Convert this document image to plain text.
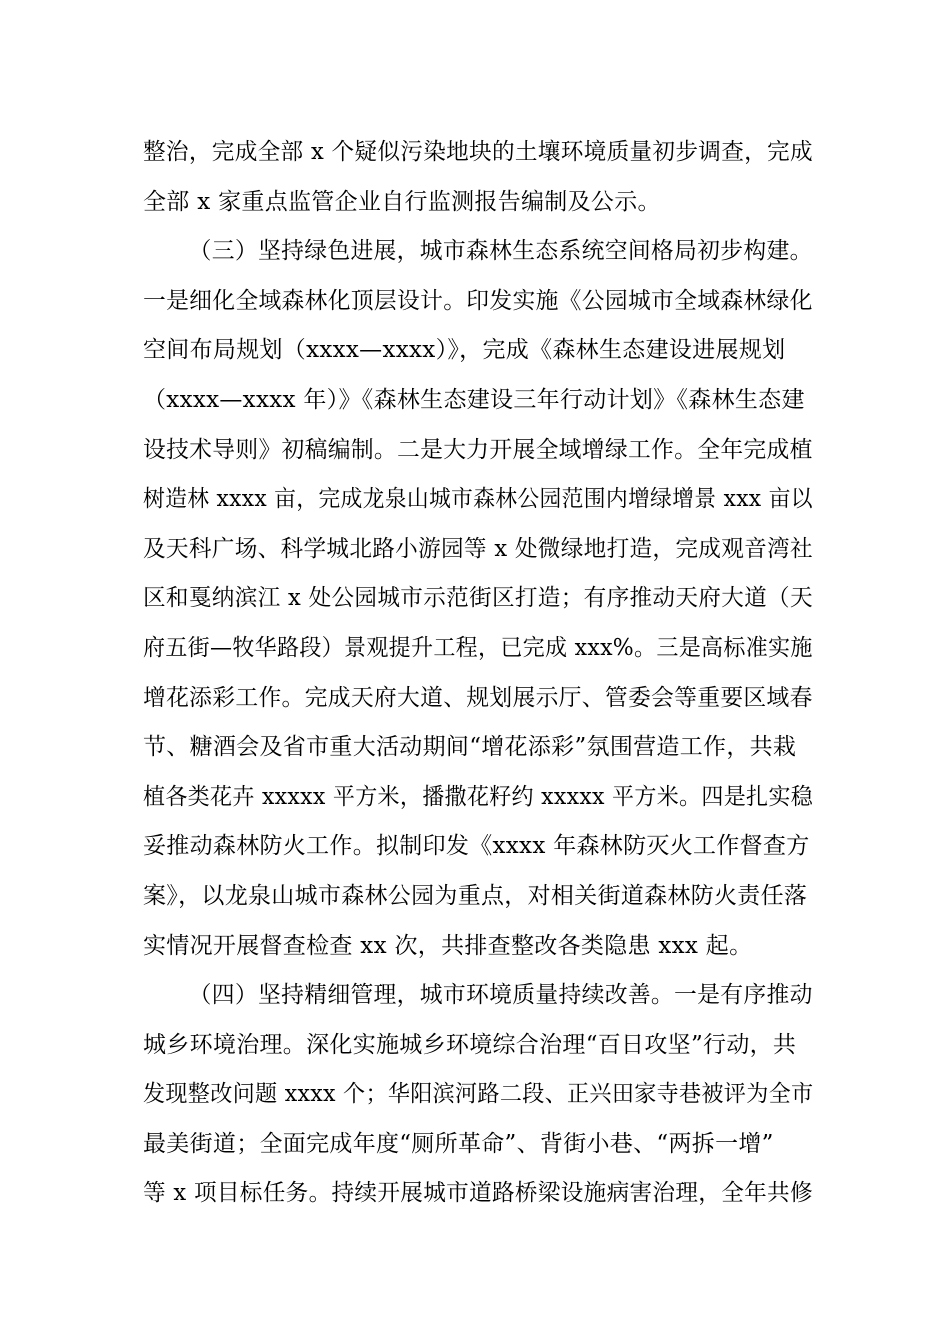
整治，完成全部 x 个疑似污染地块的土壤环境质量初步调查，完成
全部 x 家重点监管企业自行监测报告编制及公示。
（三）坚持绿色进展，城市森林生态系统空间格局初步构建。
一是细化全域森林化顶层设计。印发实施《公园城市全域森林绿化
空间布局规划（xxxx—xxxx）》，完成《森林生态建设进展规划
（xxxx—xxxx 年）》《森林生态建设三年行动计划》《森林生态建
设技术导则》初稿编制。二是大力开展全域增绿工作。全年完成植
树造林 xxxx 亩，完成龙泉山城市森林公园范围内增绿增景 xxx 亩以
及天科广场、科学城北路小游园等 x 处微绿地打造，完成观音湾社
区和戛纳滨江 x 处公园城市示范街区打造；有序推动天府大道（天
府五街—牧华路段）景观提升工程，已完成 xxx%。三是高标准实施
增花添彩工作。完成天府大道、规划展示厅、管委会等重要区域春
节、糖酒会及省市重大活动期间“增花添彩”氛围营造工作，共栽
植各类花卉 xxxxx 平方米，播撒花籽约 xxxxx 平方米。四是扎实稳
妥推动森林防火工作。拟制印发《xxxx 年森林防灭火工作督查方
案》，以龙泉山城市森林公园为重点，对相关街道森林防火责任落
实情况开展督查检查 xx 次，共排查整改各类隐患 xxx 起。
（四）坚持精细管理，城市环境质量持续改善。一是有序推动
城乡环境治理。深化实施城乡环境综合治理“百日攻坚”行动，共
发现整改问题 xxxx 个；华阳滨河路二段、正兴田家寺巷被评为全市
最美街道；全面完成年度“厕所革命”、背街小巷、“两拆一增”
等 x 项目标任务。持续开展城市道路桥梁设施病害治理，全年共修
